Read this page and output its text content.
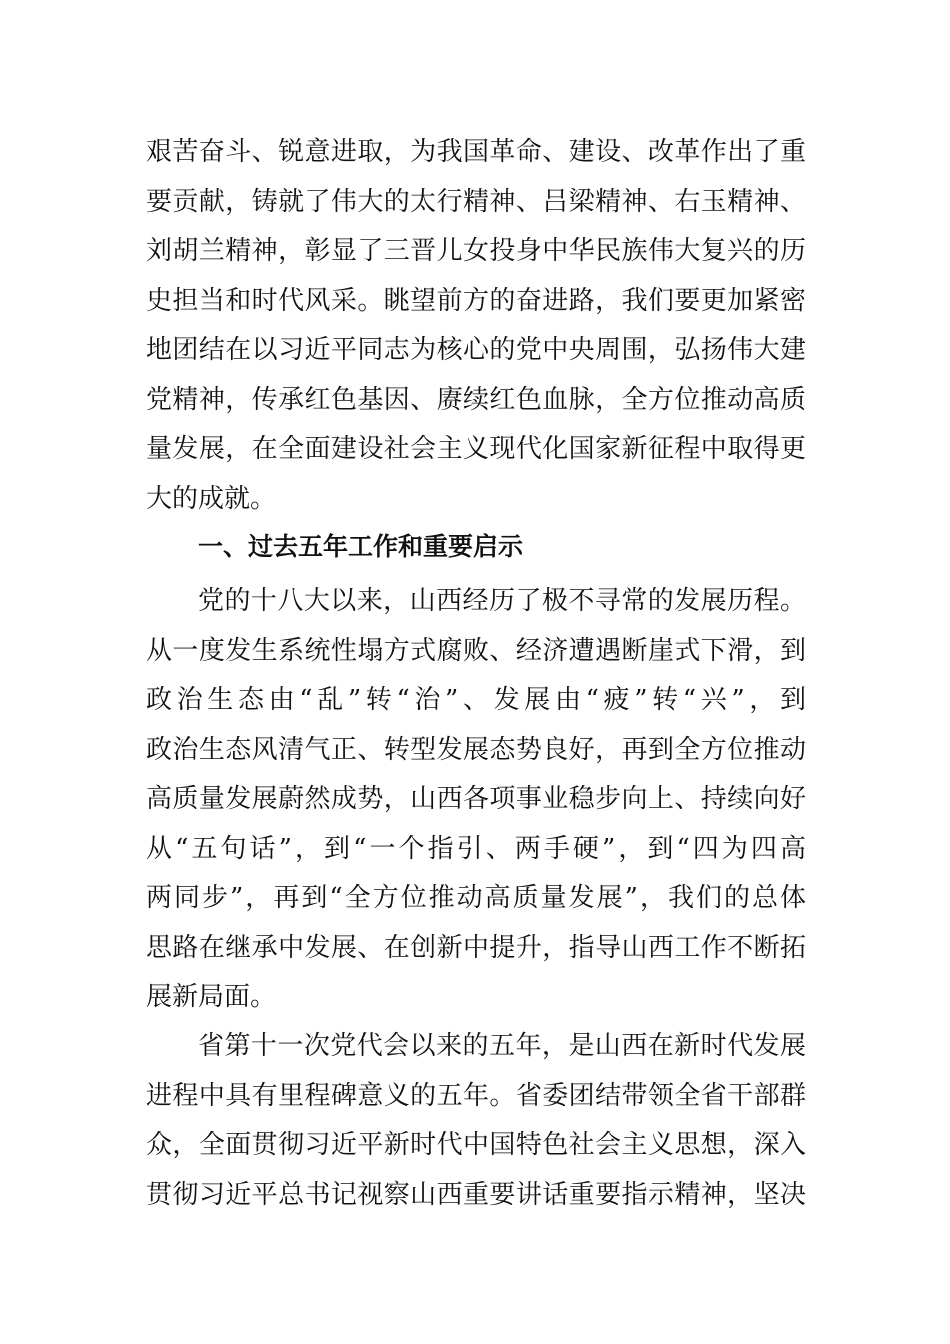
艰苦奋斗、锐意进取，为我国革命、建设、改革作出了重
要贡献，铸就了伟大的太行精神、吕梁精神、右玉精神、
刘胡兰精神，彰显了三晋儿女投身中华民族伟大复兴的历
史担当和时代风采。眺望前方的奋进路，我们要更加紧密
地团结在以习近平同志为核心的党中央周围，弘扬伟大建
党精神，传承红色基因、赓续红色血脉，全方位推动高质
量发展，在全面建设社会主义现代化国家新征程中取得更
大的成就。
一、过去五年工作和重要启示
党的十八大以来，山西经历了极不寻常的发展历程。
从一度发生系统性塌方式腐败、经济遭遇断崖式下滑，到
政治生态由“乱”转“治”、发展由“疲”转“兴”，到
政治生态风清气正、转型发展态势良好，再到全方位推动
高质量发展蔚然成势，山西各项事业稳步向上、持续向好
从“五句话”，到“一个指引、两手硬”，到“四为四高
两同步”，再到“全方位推动高质量发展”，我们的总体
思路在继承中发展、在创新中提升，指导山西工作不断拓
展新局面。
省第十一次党代会以来的五年，是山西在新时代发展
进程中具有里程碑意义的五年。省委团结带领全省干部群
众，全面贯彻习近平新时代中国特色社会主义思想，深入
贯彻习近平总书记视察山西重要讲话重要指示精神，坚决
